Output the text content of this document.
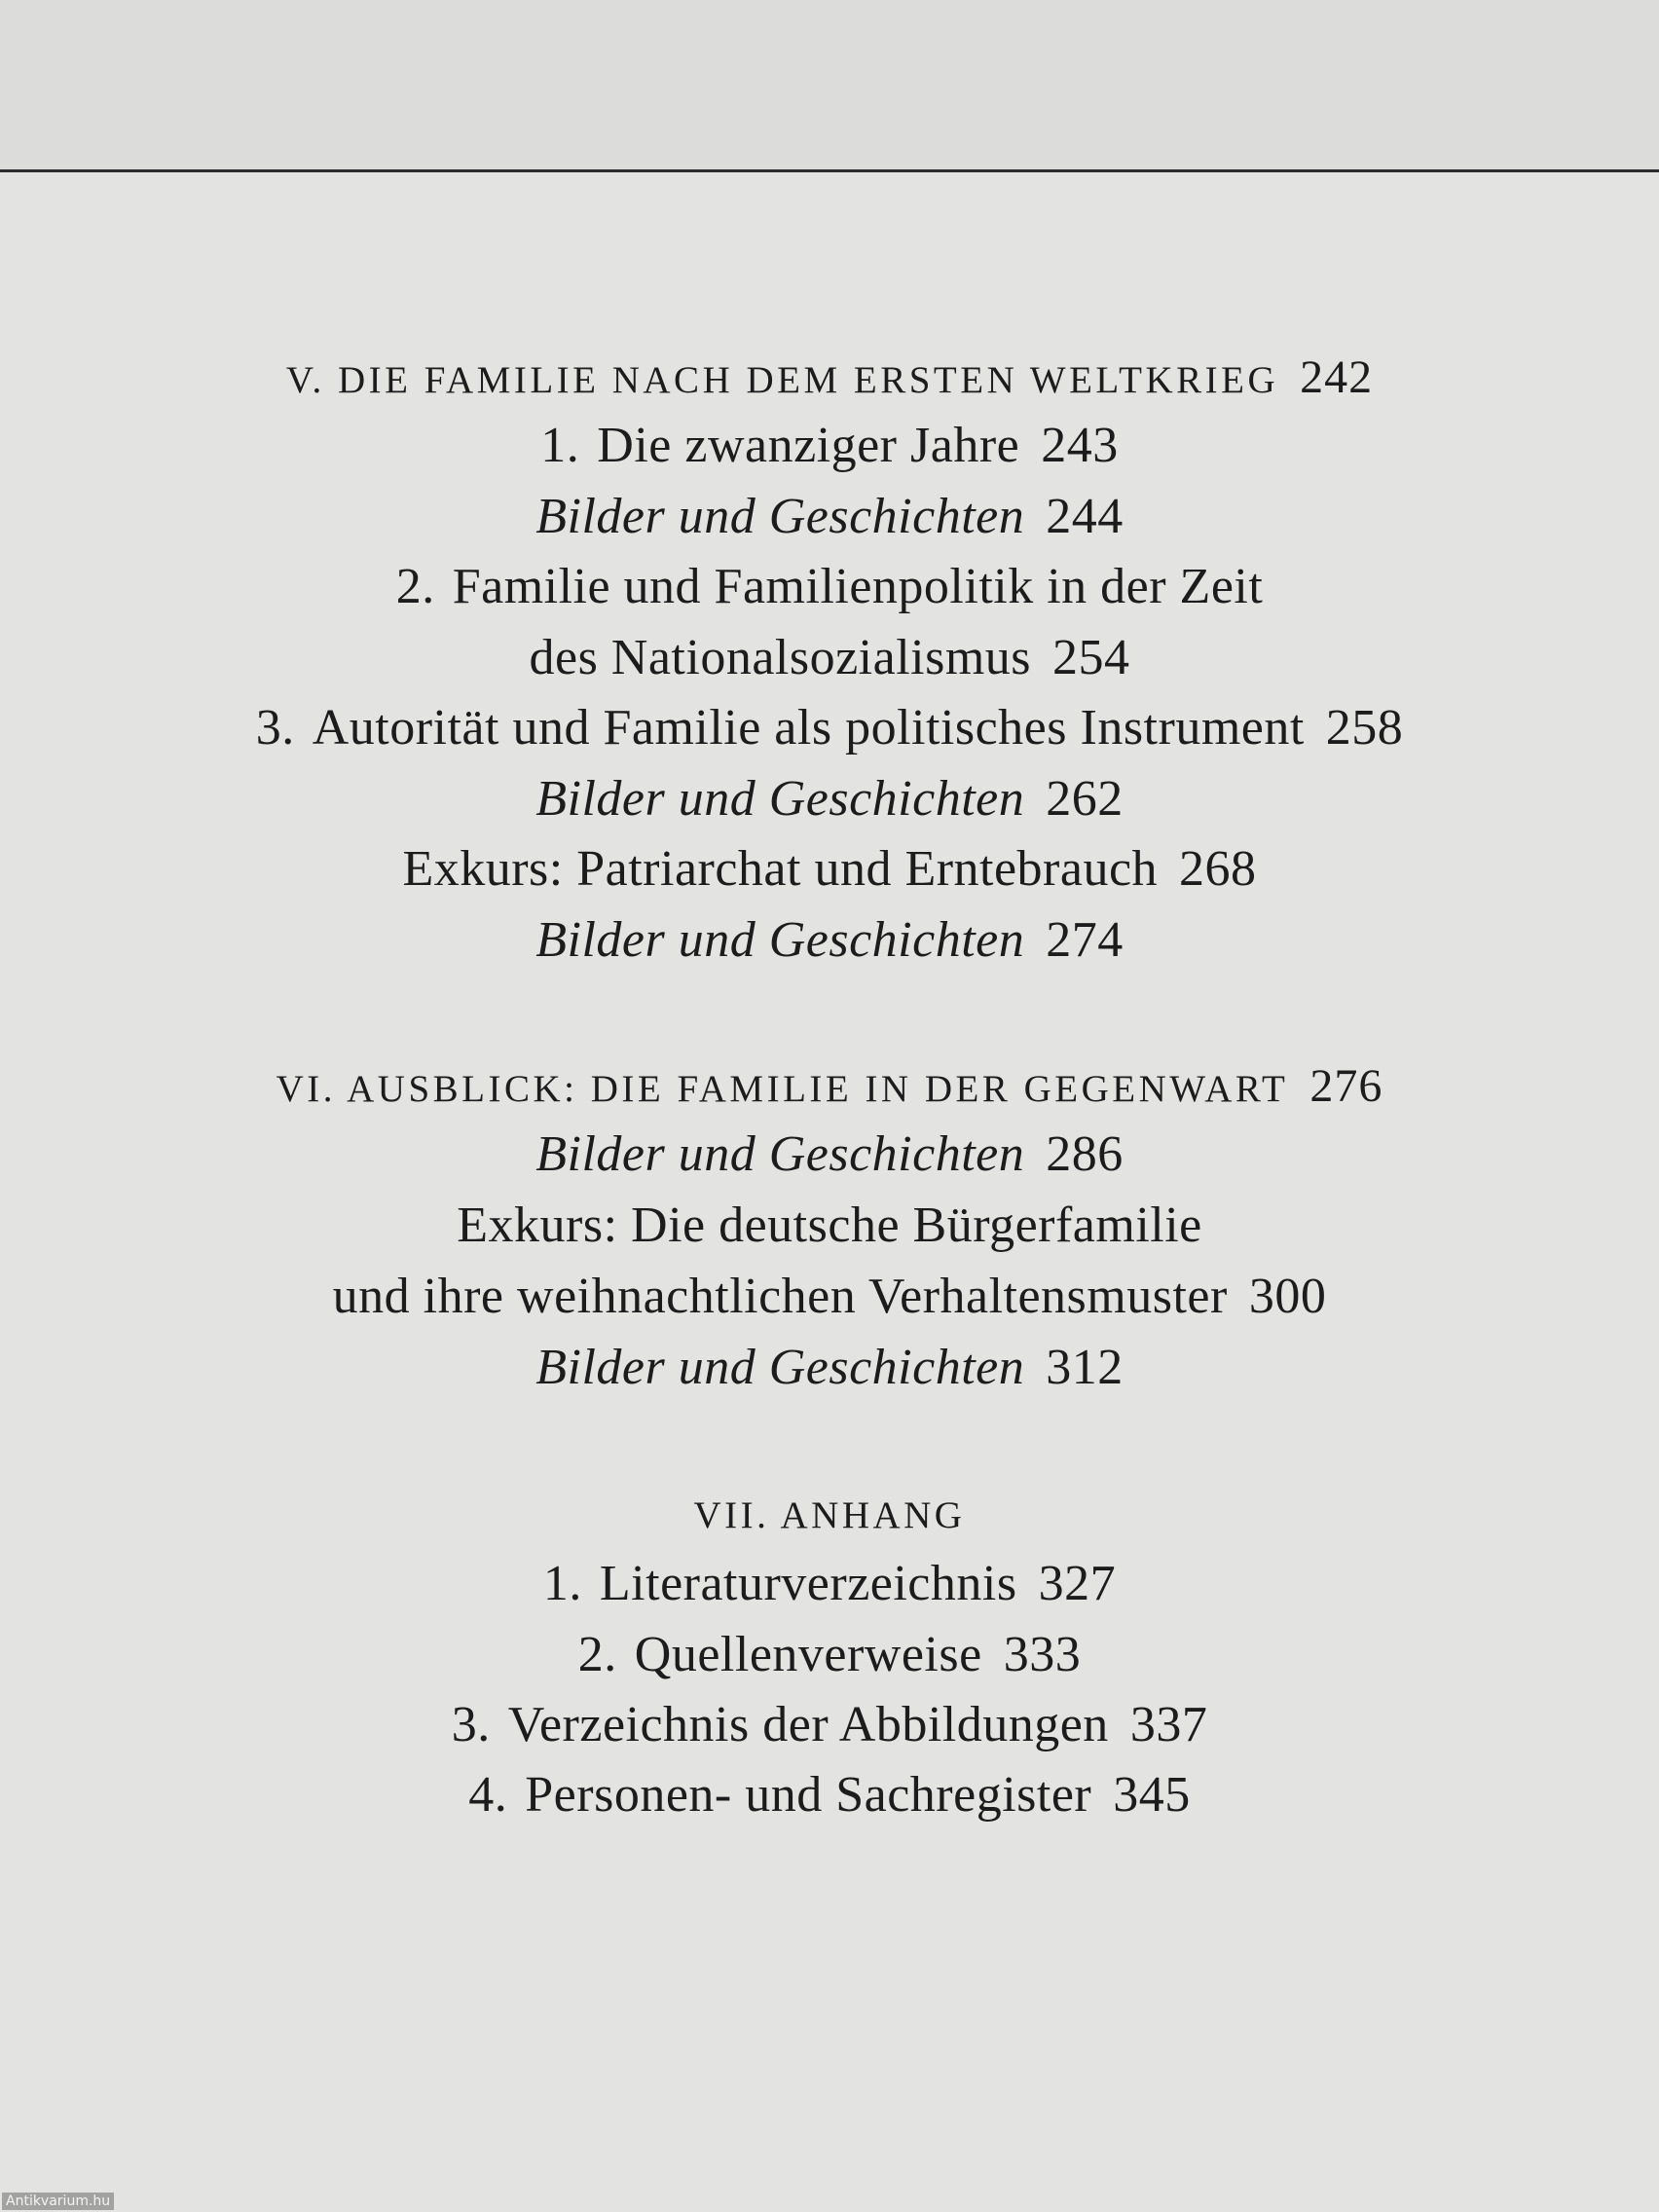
V. DIE FAMILIE NACH DEM ERSTEN WELTKRIEG 242
1. Die zwanziger Jahre 243
Bilder und Geschichten 244
2. Familie und Familienpolitik in der Zeit
des Nationalsozialismus 254
3. Autorität und Familie als politisches Instrument 258
Bilder und Geschichten 262
Exkurs: Patriarchat und Erntebrauch 268
Bilder und Geschichten 274
VI. AUSBLICK: DIE FAMILIE IN DER GEGENWART 276
Bilder und Geschichten 286
Exkurs: Die deutsche Bürgerfamilie
und ihre weihnachtlichen Verhaltensmuster 300
Bilder und Geschichten 312
VII. ANHANG
1. Literaturverzeichnis 327
2. Quellenverweise 333
3. Verzeichnis der Abbildungen 337
4. Personen- und Sachregister 345
Antikvarium.hu
